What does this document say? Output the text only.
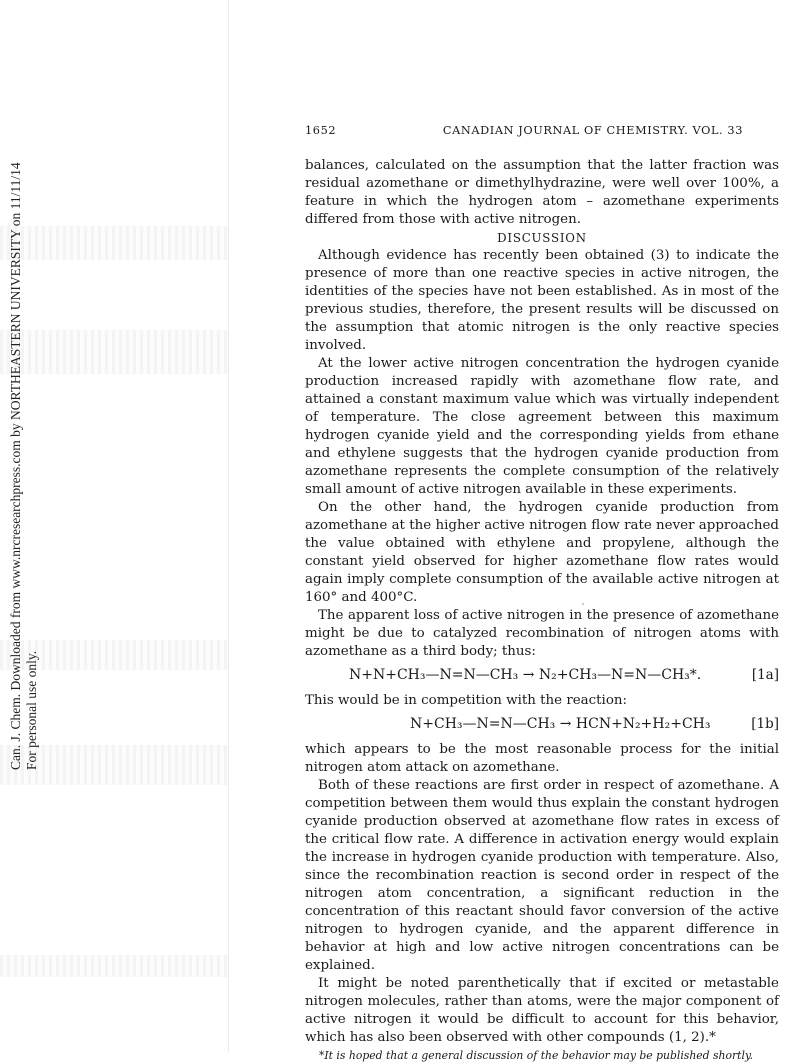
Can. J. Chem. Downloaded from www.nrcresearchpress.com by NORTHEASTERN UNIVERSITY on 11/11/14 For personal use only.
1652	CANADIAN JOURNAL OF CHEMISTRY. VOL. 33

balances, calculated on the assumption that the latter fraction was residual azomethane or dimethylhydrazine, were well over 100%, a feature in which the hydrogen atom – azomethane experiments differed from those with active nitrogen.

DISCUSSION

Although evidence has recently been obtained (3) to indicate the presence of more than one reactive species in active nitrogen, the identities of the species have not been established. As in most of the previous studies, therefore, the present results will be discussed on the assumption that atomic nitrogen is the only reactive species involved.

At the lower active nitrogen concentration the hydrogen cyanide production increased rapidly with azomethane flow rate, and attained a constant maximum value which was virtually independent of temperature. The close agreement between this maximum hydrogen cyanide yield and the corresponding yields from ethane and ethylene suggests that the hydrogen cyanide production from azomethane represents the complete consumption of the relatively small amount of active nitrogen available in these experiments.

On the other hand, the hydrogen cyanide production from azomethane at the higher active nitrogen flow rate never approached the value obtained with ethylene and propylene, although the constant yield observed for higher azomethane flow rates would again imply complete consumption of the available active nitrogen at 160° and 400°C.

The apparent loss of active nitrogen in the presence of azomethane might be due to catalyzed recombination of nitrogen atoms with azomethane as a third body; thus:

N+N+CH₃—N=N—CH₃ → N₂+CH₃—N=N—CH₃*.	[1a]

This would be in competition with the reaction:

N+CH₃—N=N—CH₃ → HCN+N₂+H₂+CH₃	[1b]

which appears to be the most reasonable process for the initial nitrogen atom attack on azomethane.

Both of these reactions are first order in respect of azomethane. A competition between them would thus explain the constant hydrogen cyanide production observed at azomethane flow rates in excess of the critical flow rate. A difference in activation energy would explain the increase in hydrogen cyanide production with temperature. Also, since the recombination reaction is second order in respect of the nitrogen atom concentration, a significant reduction in the concentration of this reactant should favor conversion of the active nitrogen to hydrogen cyanide, and the apparent difference in behavior at high and low active nitrogen concentrations can be explained.

It might be noted parenthetically that if excited or metastable nitrogen molecules, rather than atoms, were the major component of active nitrogen it would be difficult to account for this behavior, which has also been observed with other compounds (1, 2).*

*It is hoped that a general discussion of the behavior may be published shortly.
